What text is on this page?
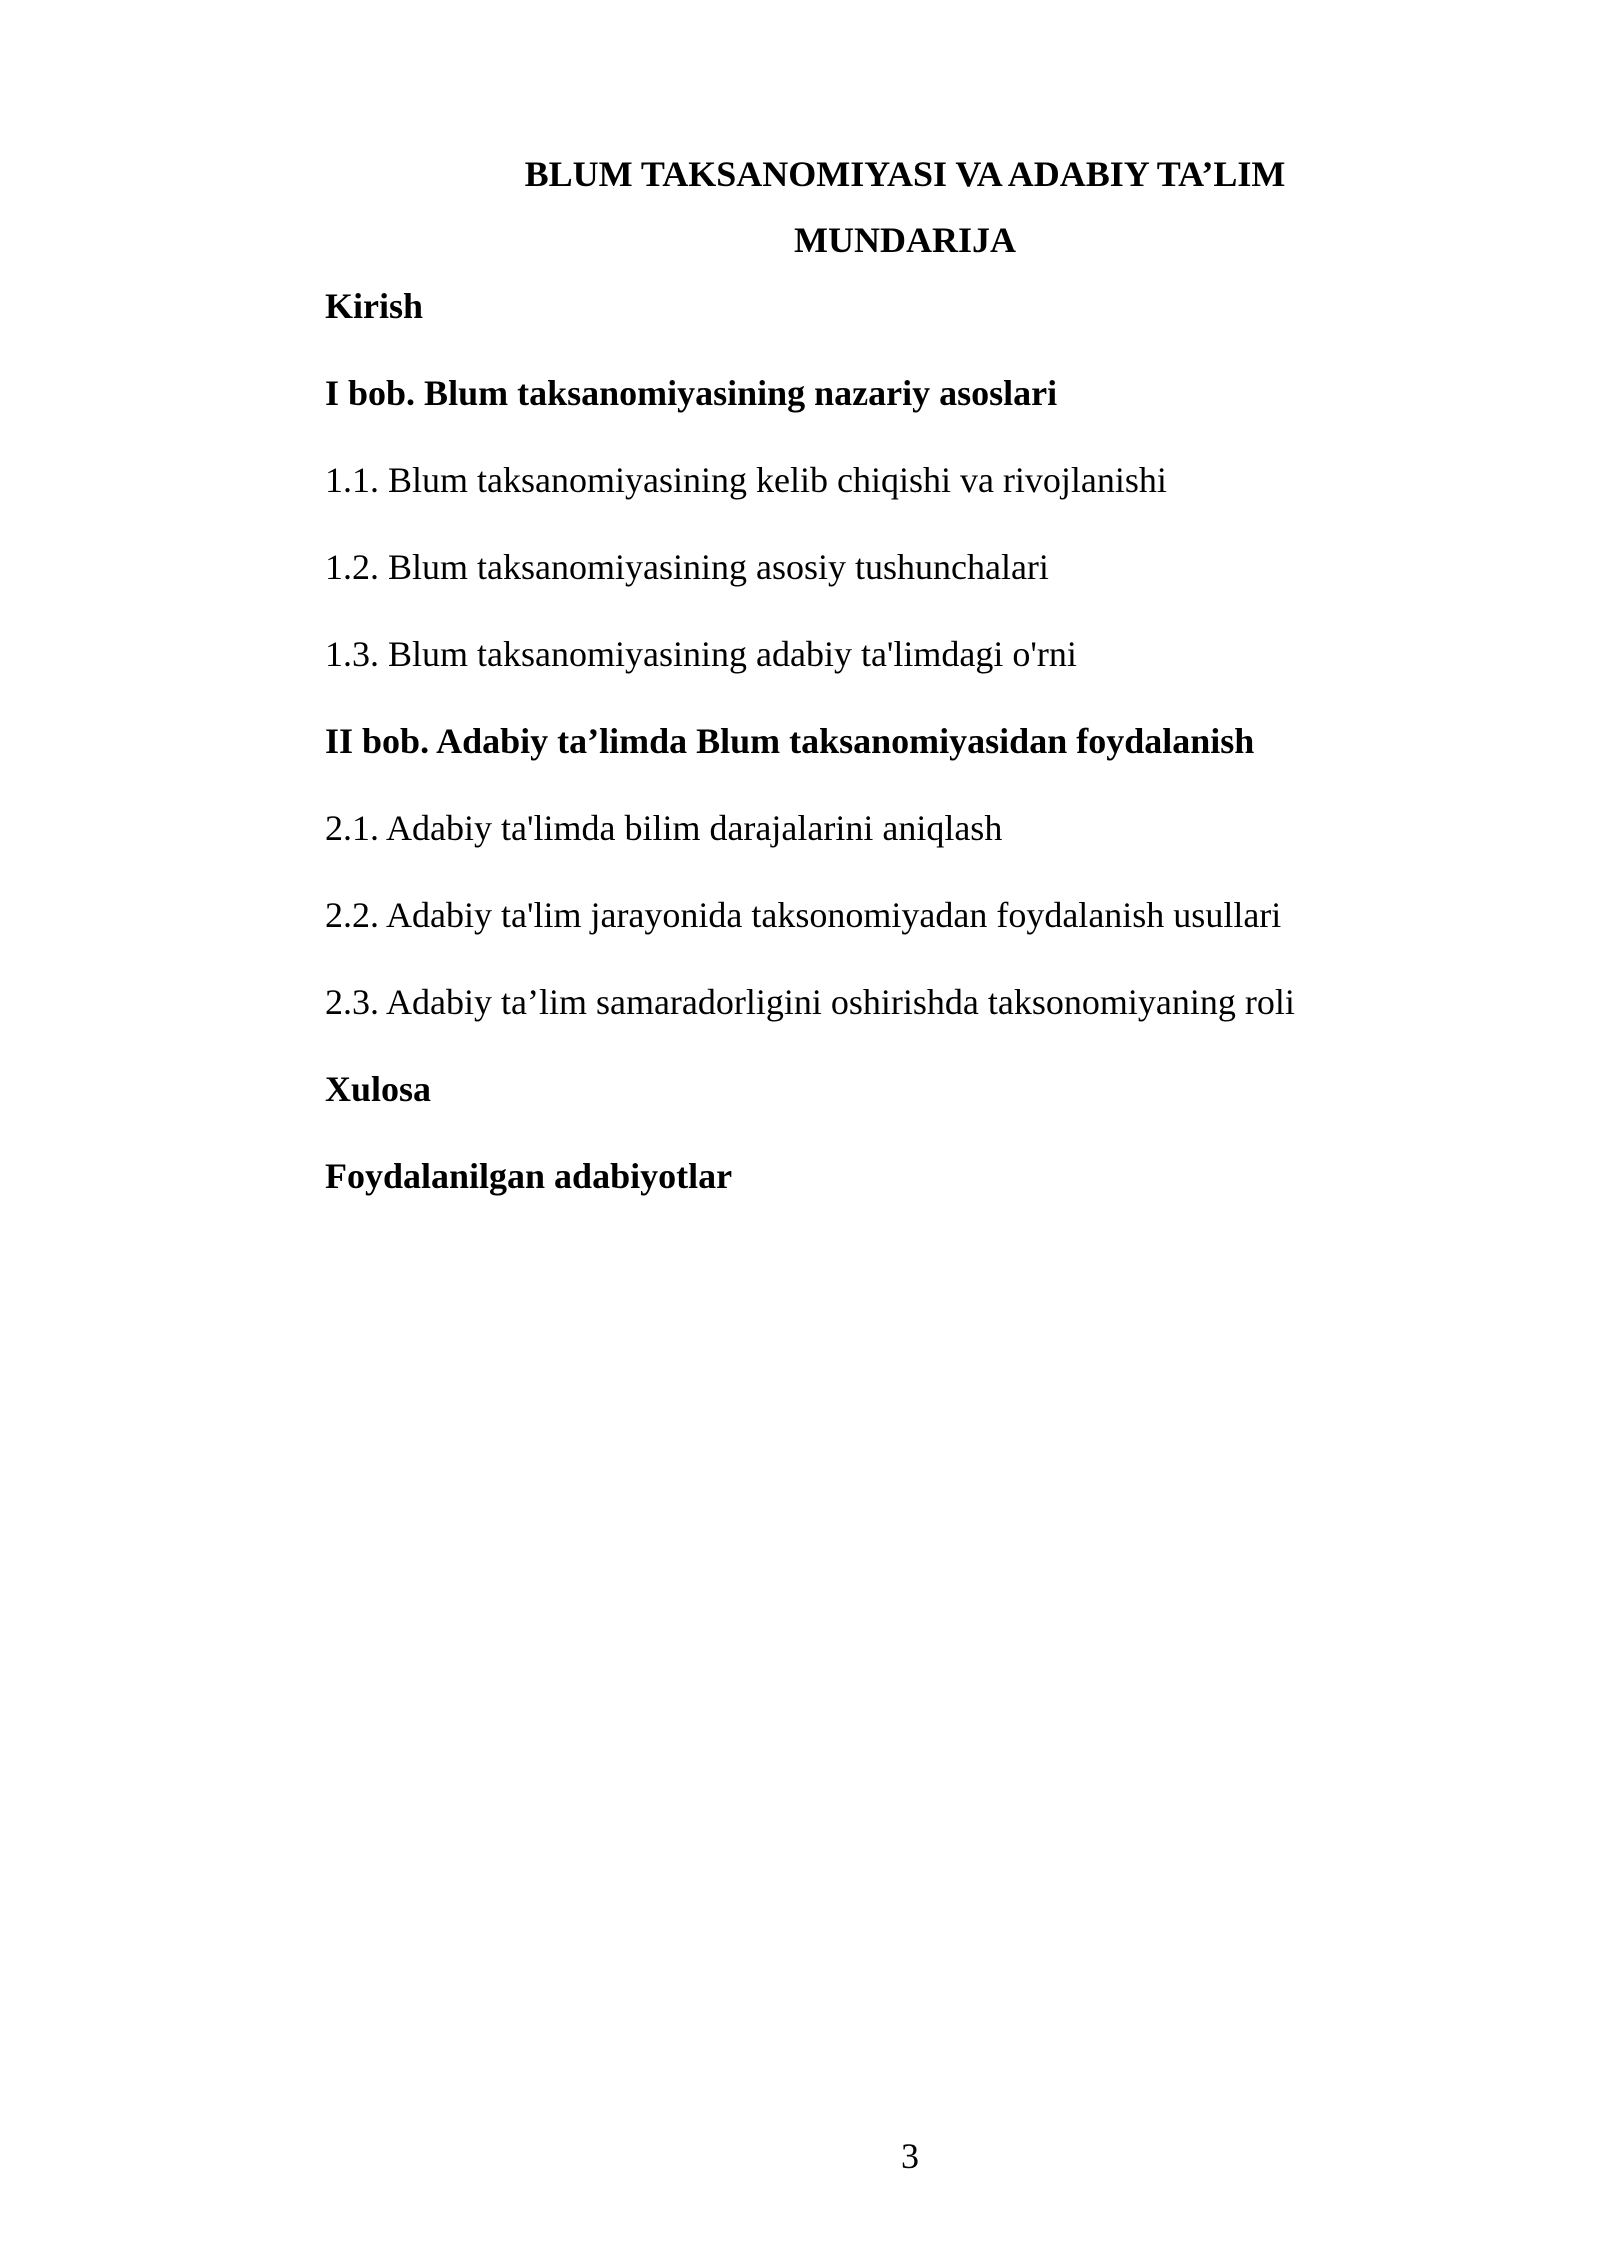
BLUM TAKSANOMIYASI VA ADABIY TA’LIM
MUNDARIJA
Kirish
I bob. Blum taksanomiyasining nazariy asoslari
1.1. Blum taksanomiyasining kelib chiqishi va rivojlanishi
1.2. Blum taksanomiyasining asosiy tushunchalari
1.3. Blum taksanomiyasining adabiy ta'limdagi o'rni
II bob. Adabiy ta’limda Blum taksanomiyasidan foydalanish
2.1. Adabiy ta'limda bilim darajalarini aniqlash
2.2. Adabiy ta'lim jarayonida taksonomiyadan foydalanish usullari
2.3. Adabiy ta’lim samaradorligini oshirishda taksonomiyaning roli
Xulosa
Foydalanilgan adabiyotlar
3
